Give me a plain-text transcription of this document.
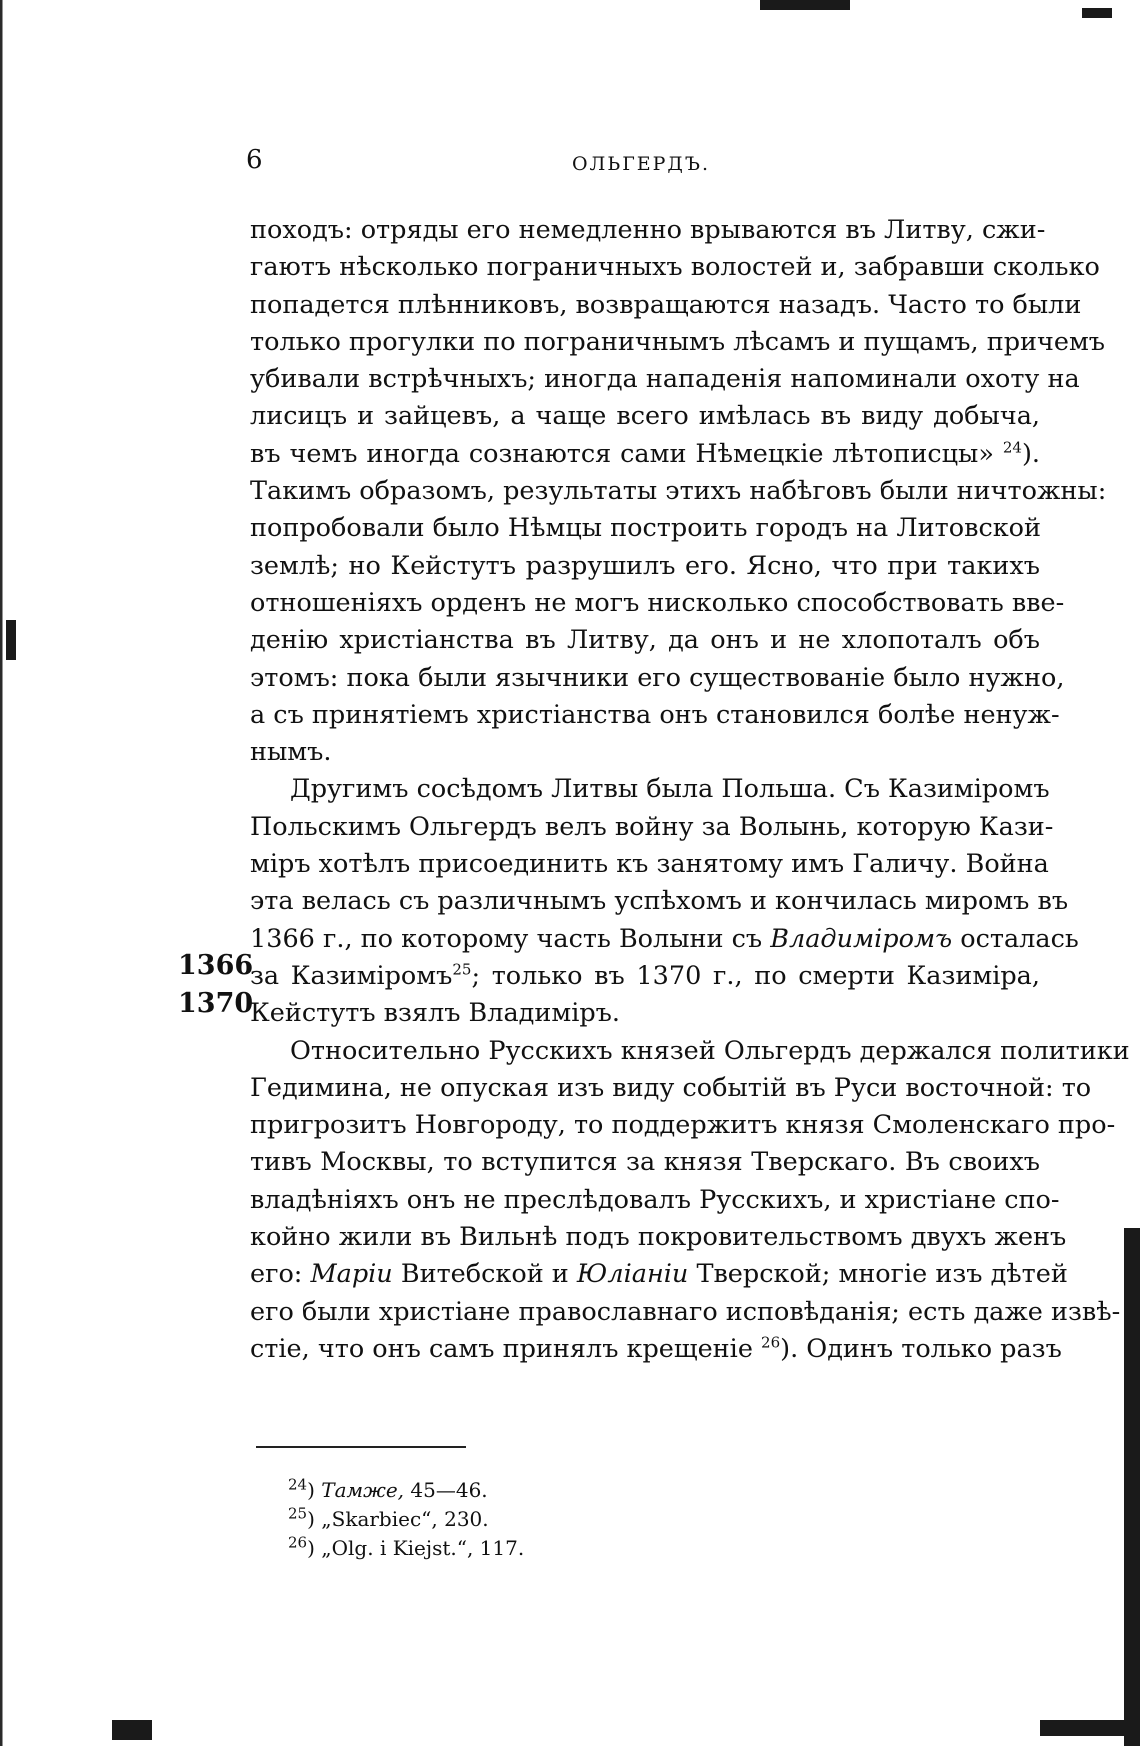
6	ОЛЬГЕРДЪ.
1366
1370
походъ: отряды его немедленно врываются въ Литву, сжи-
гаютъ нѣсколько пограничныхъ волостей и, забравши сколько
попадется плѣнниковъ, возвращаются назадъ. Часто то были
только прогулки по пограничнымъ лѣсамъ и пущамъ, причемъ
убивали встрѣчныхъ; иногда нападенія напоминали охоту на
лисицъ и зайцевъ, а чаще всего имѣлась въ виду добыча,
въ чемъ иногда сознаются сами Нѣмецкіе лѣтописцы» $^{24}$).
Такимъ образомъ, результаты этихъ набѣговъ были ничтожны:
попробовали было Нѣмцы построить городъ на Литовской
землѣ; но Кейстутъ разрушилъ его. Ясно, что при такихъ
отношеніяхъ орденъ не могъ нисколько способствовать вве-
денію христіанства въ Литву, да онъ и не хлопоталъ объ
этомъ: пока были язычники его существованіе было нужно,
а съ принятіемъ христіанства онъ становился болѣе ненуж-
нымъ.
Другимъ сосѣдомъ Литвы была Польша. Съ Казиміромъ
Польскимъ Ольгердъ велъ войну за Волынь, которую Кази-
міръ хотѣлъ присоединить къ занятому имъ Галичу. Война
эта велась съ различнымъ успѣхомъ и кончилась миромъ въ
1366 г., по которому часть Волыни съ Владиміромъ осталась
за Казиміромъ$^{25}$; только въ 1370 г., по смерти Казиміра,
Кейстутъ взялъ Владиміръ.
Относительно Русскихъ князей Ольгердъ держался политики
Гедимина, не опуская изъ виду событій въ Руси восточной: то
пригрозитъ Новгороду, то поддержитъ князя Смоленскаго про-
тивъ Москвы, то вступится за князя Тверскаго. Въ своихъ
владѣніяхъ онъ не преслѣдовалъ Русскихъ, и христіане спо-
койно жили въ Вильнѣ подъ покровительствомъ двухъ женъ
его: Маріи Витебской и Юліаніи Тверской; многіе изъ дѣтей
его были христіане православнаго исповѣданія; есть даже извѣ-
стіе, что онъ самъ принялъ крещеніе $^{26}$). Одинъ только разъ
$^{24}$) Тамже, 45—46.
$^{25}$) „Skarbiec“, 230.
$^{26}$) „Olg. i Kiejst.“, 117.
